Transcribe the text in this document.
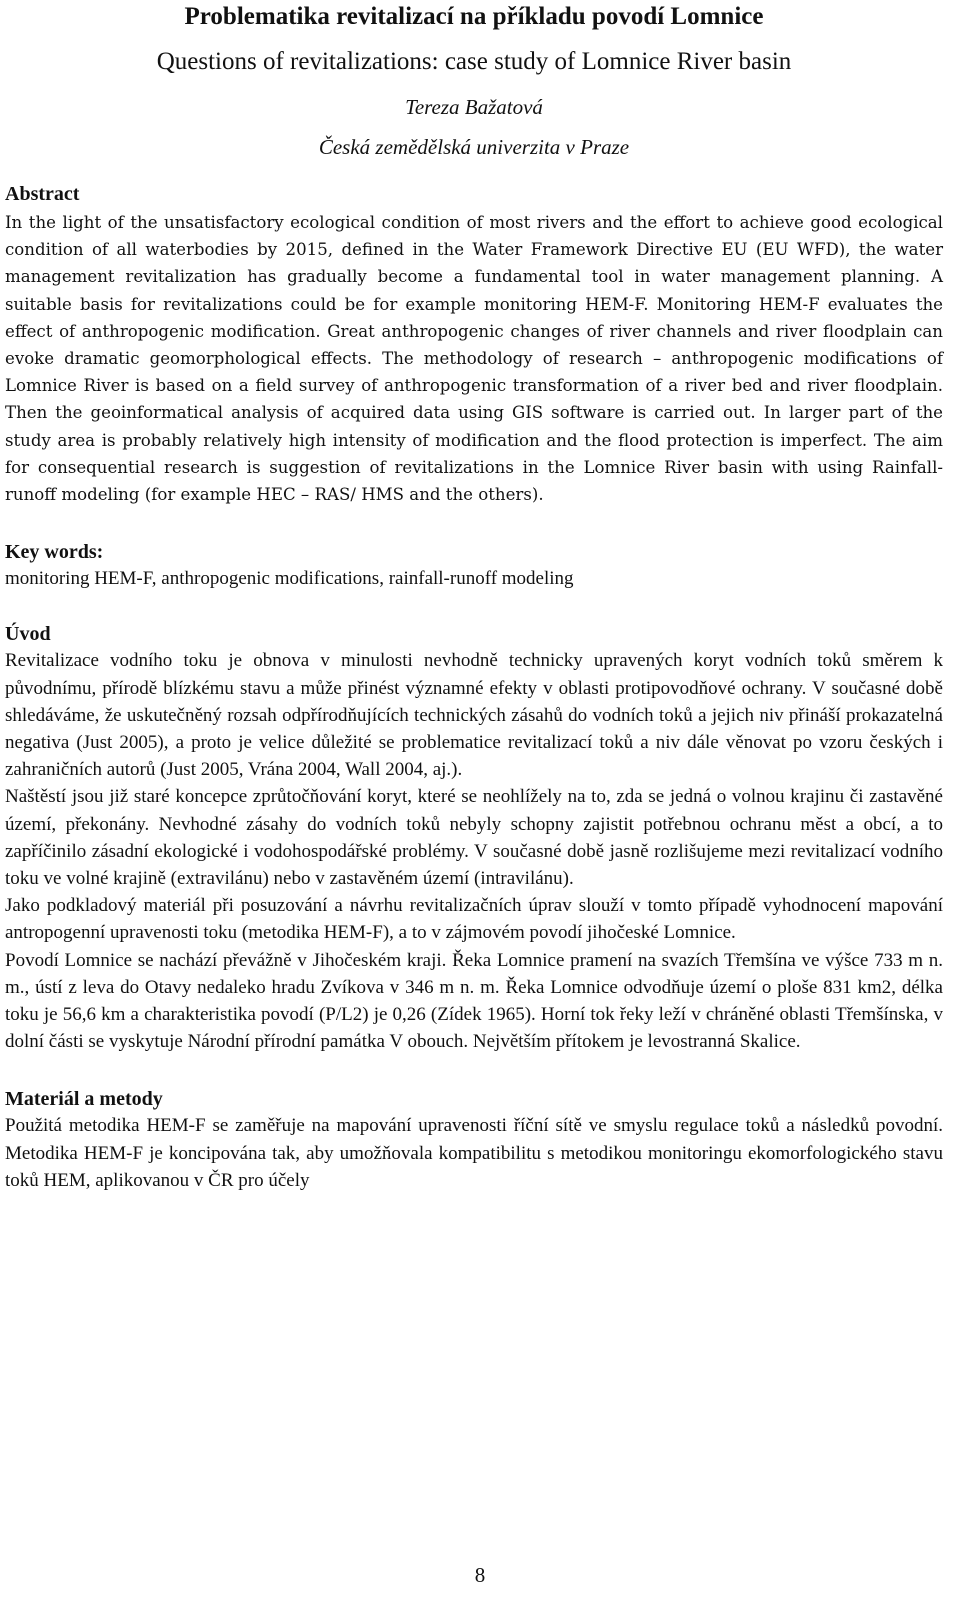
Problematika revitalizací na příkladu povodí Lomnice
Questions of revitalizations: case study of Lomnice River basin
Tereza Bažatová
Česká zemědělská univerzita v Praze
Abstract

In the light of the unsatisfactory ecological condition of most rivers and the effort to achieve good ecological condition of all waterbodies by 2015, defined in the Water Framework Directive EU (EU WFD), the water management revitalization has gradually become a fundamental tool in water management planning. A suitable basis for revitalizations could be for example monitoring HEM-F. Monitoring HEM-F evaluates the effect of anthropogenic modification. Great anthropogenic changes of river channels and river floodplain can evoke dramatic geomorphological effects. The methodology of research – anthropogenic modifications of Lomnice River is based on a field survey of anthropogenic transformation of a river bed and river floodplain. Then the geoinformatical analysis of acquired data using GIS software is carried out. In larger part of the study area is probably relatively high intensity of modification and the flood protection is imperfect. The aim for consequential research is suggestion of revitalizations in the Lomnice River basin with using Rainfall-runoff modeling (for example HEC – RAS/ HMS and the others).

Key words:

monitoring HEM-F, anthropogenic modifications, rainfall-runoff modeling

Úvod

Revitalizace vodního toku je obnova v minulosti nevhodně technicky upravených koryt vodních toků směrem k původnímu, přírodě blízkému stavu a může přinést významné efekty v oblasti protipovodňové ochrany. V současné době shledáváme, že uskutečněný rozsah odpřírodňujících technických zásahů do vodních toků a jejich niv přináší prokazatelná negativa (Just 2005), a proto je velice důležité se problematice revitalizací toků a niv dále věnovat po vzoru českých i zahraničních autorů (Just 2005, Vrána 2004, Wall 2004, aj.).

Naštěstí jsou již staré koncepce zprůtočňování koryt, které se neohlížely na to, zda se jedná o volnou krajinu či zastavěné území, překonány. Nevhodné zásahy do vodních toků nebyly schopny zajistit potřebnou ochranu měst a obcí, a to zapříčinilo zásadní ekologické i vodohospodářské problémy. V současné době jasně rozlišujeme mezi revitalizací vodního toku ve volné krajině (extravilánu) nebo v zastavěném území (intravilánu).

Jako podkladový materiál při posuzování a návrhu revitalizačních úprav slouží v tomto případě vyhodnocení mapování antropogenní upravenosti toku (metodika HEM-F), a to v zájmovém povodí jihočeské Lomnice.

Povodí Lomnice se nachází převážně v Jihočeském kraji. Řeka Lomnice pramení na svazích Třemšína ve výšce 733 m n. m., ústí z leva do Otavy nedaleko hradu Zvíkova v 346 m n. m. Řeka Lomnice odvodňuje území o ploše 831 km2, délka toku je 56,6 km a charakteristika povodí (P/L2) je 0,26 (Zídek 1965). Horní tok řeky leží v chráněné oblasti Třemšínska, v dolní části se vyskytuje Národní přírodní památka V obouch. Největším přítokem je levostranná Skalice.

Materiál a metody

Použitá metodika HEM-F se zaměřuje na mapování upravenosti říční sítě ve smyslu regulace toků a následků povodní. Metodika HEM-F je koncipována tak, aby umožňovala kompatibilitu s metodikou monitoringu ekomorfologického stavu toků HEM, aplikovanou v ČR pro účely

8
